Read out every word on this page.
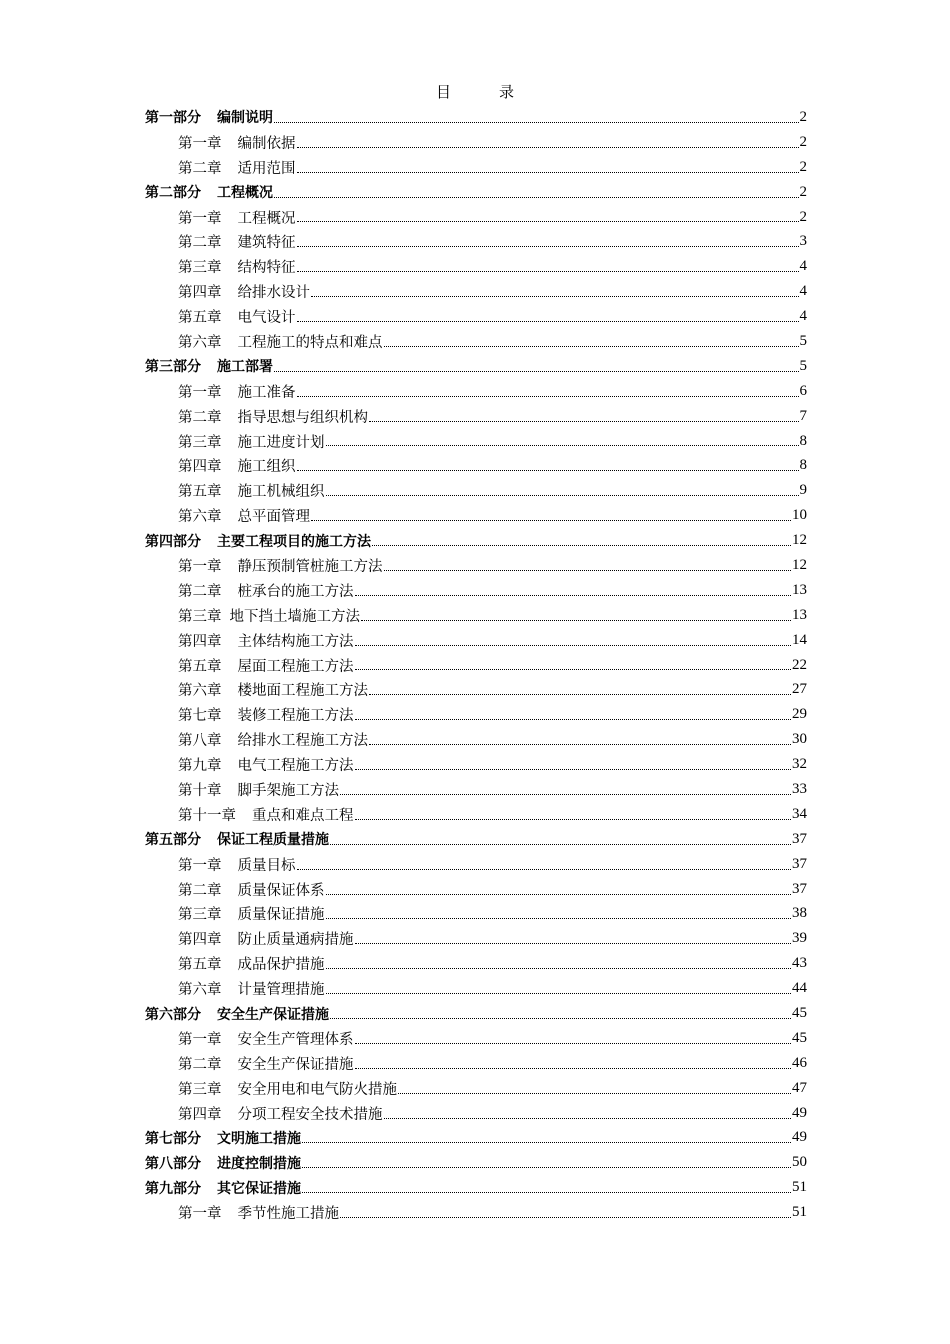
目	录
第一部分 编制说明	2
第一章 编制依据	2
第二章 适用范围	2
第二部分 工程概况	2
第一章 工程概况	2
第二章 建筑特征	3
第三章 结构特征	4
第四章 给排水设计	4
第五章 电气设计	4
第六章 工程施工的特点和难点	5
第三部分 施工部署	5
第一章 施工准备	6
第二章 指导思想与组织机构	7
第三章 施工进度计划	8
第四章 施工组织	8
第五章 施工机械组织	9
第六章 总平面管理	10
第四部分 主要工程项目的施工方法	12
第一章 静压预制管桩施工方法	12
第二章 桩承台的施工方法	13
第三章 地下挡土墙施工方法	13
第四章 主体结构施工方法	14
第五章 屋面工程施工方法	22
第六章 楼地面工程施工方法	27
第七章 装修工程施工方法	29
第八章 给排水工程施工方法	30
第九章 电气工程施工方法	32
第十章 脚手架施工方法	33
第十一章 重点和难点工程	34
第五部分 保证工程质量措施	37
第一章 质量目标	37
第二章 质量保证体系	37
第三章 质量保证措施	38
第四章 防止质量通病措施	39
第五章 成品保护措施	43
第六章 计量管理措施	44
第六部分 安全生产保证措施	45
第一章 安全生产管理体系	45
第二章 安全生产保证措施	46
第三章 安全用电和电气防火措施	47
第四章 分项工程安全技术措施	49
第七部分 文明施工措施	49
第八部分 进度控制措施	50
第九部分 其它保证措施	51
第一章 季节性施工措施	51
